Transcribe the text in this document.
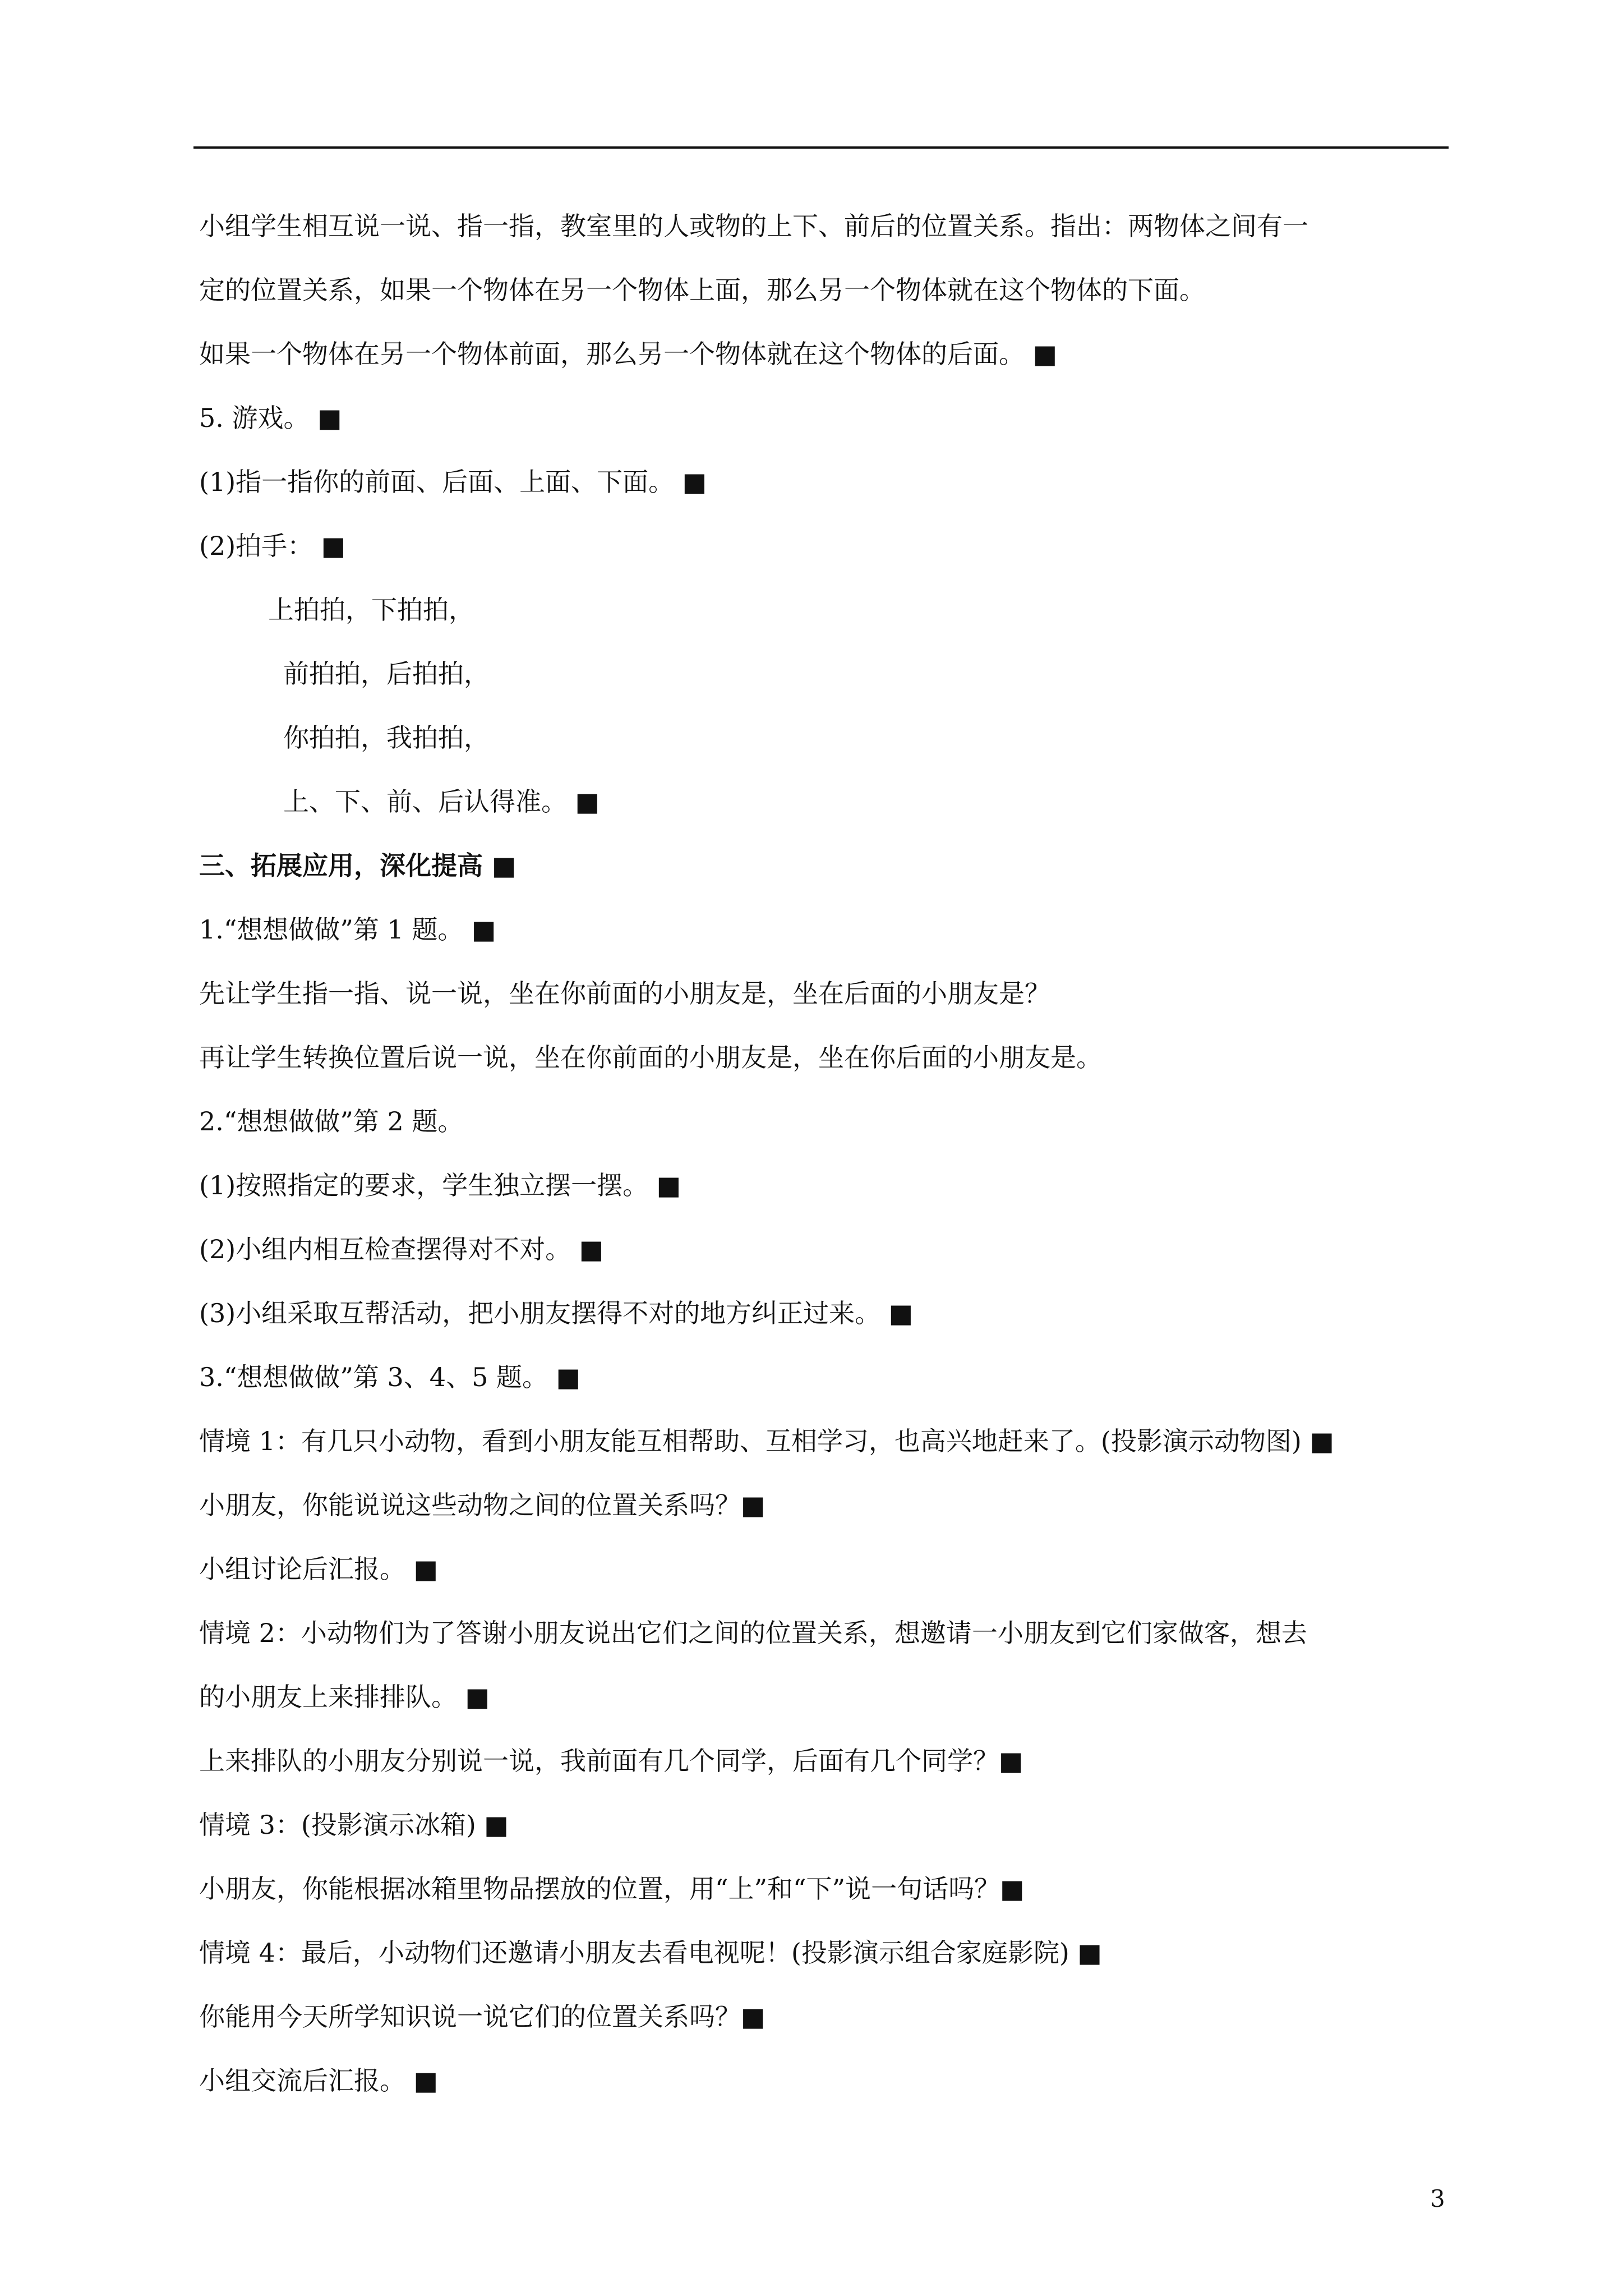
小组学生相互说一说、指一指，教室里的人或物的上下、前后的位置关系。指出：两物体之间有一
定的位置关系，如果一个物体在另一个物体上面，那么另一个物体就在这个物体的下面。
如果一个物体在另一个物体前面，那么另一个物体就在这个物体的后面。 ■
5. 游戏。 ■
(1)指一指你的前面、后面、上面、下面。 ■
(2)拍手： ■
上拍拍，下拍拍，
前拍拍，后拍拍，
你拍拍，我拍拍，
上、下、前、后认得准。 ■
三、拓展应用，深化提高 ■
1.“想想做做”第 1 题。 ■
先让学生指一指、说一说，坐在你前面的小朋友是，坐在后面的小朋友是？
再让学生转换位置后说一说，坐在你前面的小朋友是，坐在你后面的小朋友是。
2.“想想做做”第 2 题。
(1)按照指定的要求，学生独立摆一摆。 ■
(2)小组内相互检查摆得对不对。 ■
(3)小组采取互帮活动，把小朋友摆得不对的地方纠正过来。 ■
3.“想想做做”第 3、4、5 题。 ■
情境 1：有几只小动物，看到小朋友能互相帮助、互相学习，也高兴地赶来了。(投影演示动物图) ■
小朋友，你能说说这些动物之间的位置关系吗？■
小组讨论后汇报。 ■
情境 2：小动物们为了答谢小朋友说出它们之间的位置关系，想邀请一小朋友到它们家做客，想去
的小朋友上来排排队。 ■
上来排队的小朋友分别说一说，我前面有几个同学，后面有几个同学？■
情境 3：(投影演示冰箱) ■
小朋友，你能根据冰箱里物品摆放的位置，用“上”和“下”说一句话吗？■
情境 4：最后，小动物们还邀请小朋友去看电视呢！(投影演示组合家庭影院) ■
你能用今天所学知识说一说它们的位置关系吗？■
小组交流后汇报。 ■
3
